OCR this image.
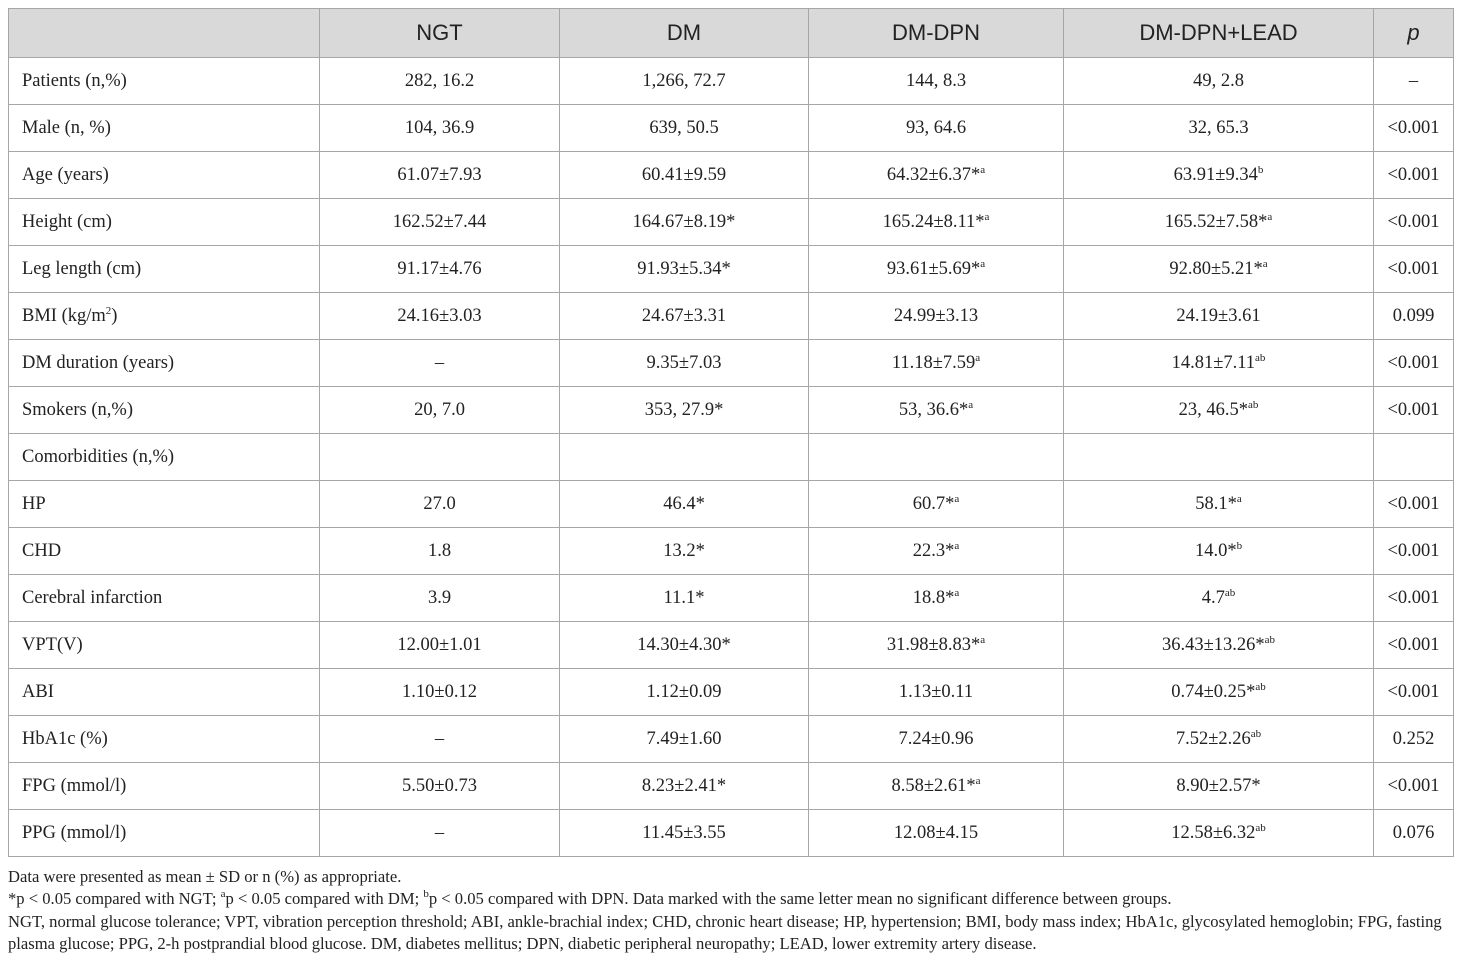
	NGT	DM	DM-DPN	DM-DPN+LEAD	p
Patients (n,%)	282, 16.2	1,266, 72.7	144, 8.3	49, 2.8	–
Male (n, %)	104, 36.9	639, 50.5	93, 64.6	32, 65.3	<0.001
Age (years)	61.07±7.93	60.41±9.59	64.32±6.37*$^a$	63.91±9.34$^b$	<0.001
Height (cm)	162.52±7.44	164.67±8.19*	165.24±8.11*$^a$	165.52±7.58*$^a$	<0.001
Leg length (cm)	91.17±4.76	91.93±5.34*	93.61±5.69*$^a$	92.80±5.21*$^a$	<0.001
BMI $(kg/m^2)$	24.16±3.03	24.67±3.31	24.99±3.13	24.19±3.61	0.099
DM duration (years)	–	9.35±7.03	11.18±7.59$^a$	14.81±7.11$^{ab}$	<0.001
Smokers (n,%)	20, 7.0	353, 27.9*	53, 36.6*$^a$	23, 46.5*$^{ab}$	<0.001
Comorbidities (n,%)					
HP	27.0	46.4*	60.7*$^a$	58.1*$^a$	<0.001
CHD	1.8	13.2*	22.3*$^a$	14.0*$^b$	<0.001
Cerebral infarction	3.9	11.1*	18.8*$^a$	4.7$^{ab}$	<0.001
VPT(V)	12.00±1.01	14.30±4.30*	31.98±8.83*$^a$	36.43±13.26*$^{ab}$	<0.001
ABI	1.10±0.12	1.12±0.09	1.13±0.11	0.74±0.25*$^{ab}$	<0.001
HbA1c (%)	–	7.49±1.60	7.24±0.96	7.52±2.26$^{ab}$	0.252
FPG (mmol/l)	5.50±0.73	8.23±2.41*	8.58±2.61*$^a$	8.90±2.57*	<0.001
PPG (mmol/l)	–	11.45±3.55	12.08±4.15	12.58±6.32$^{ab}$	0.076

Data were presented as mean ± SD or n (%) as appropriate.

*p < 0.05 compared with NGT; $^a$p < 0.05 compared with DM; $^b$p < 0.05 compared with DPN. Data marked with the same letter mean no significant difference between groups.

NGT, normal glucose tolerance; VPT, vibration perception threshold; ABI, ankle-brachial index; CHD, chronic heart disease; HP, hypertension; BMI, body mass index; HbA1c, glycosylated hemoglobin; FPG, fasting plasma glucose; PPG, 2-h postprandial blood glucose. DM, diabetes mellitus; DPN, diabetic peripheral neuropathy; LEAD, lower extremity artery disease.
